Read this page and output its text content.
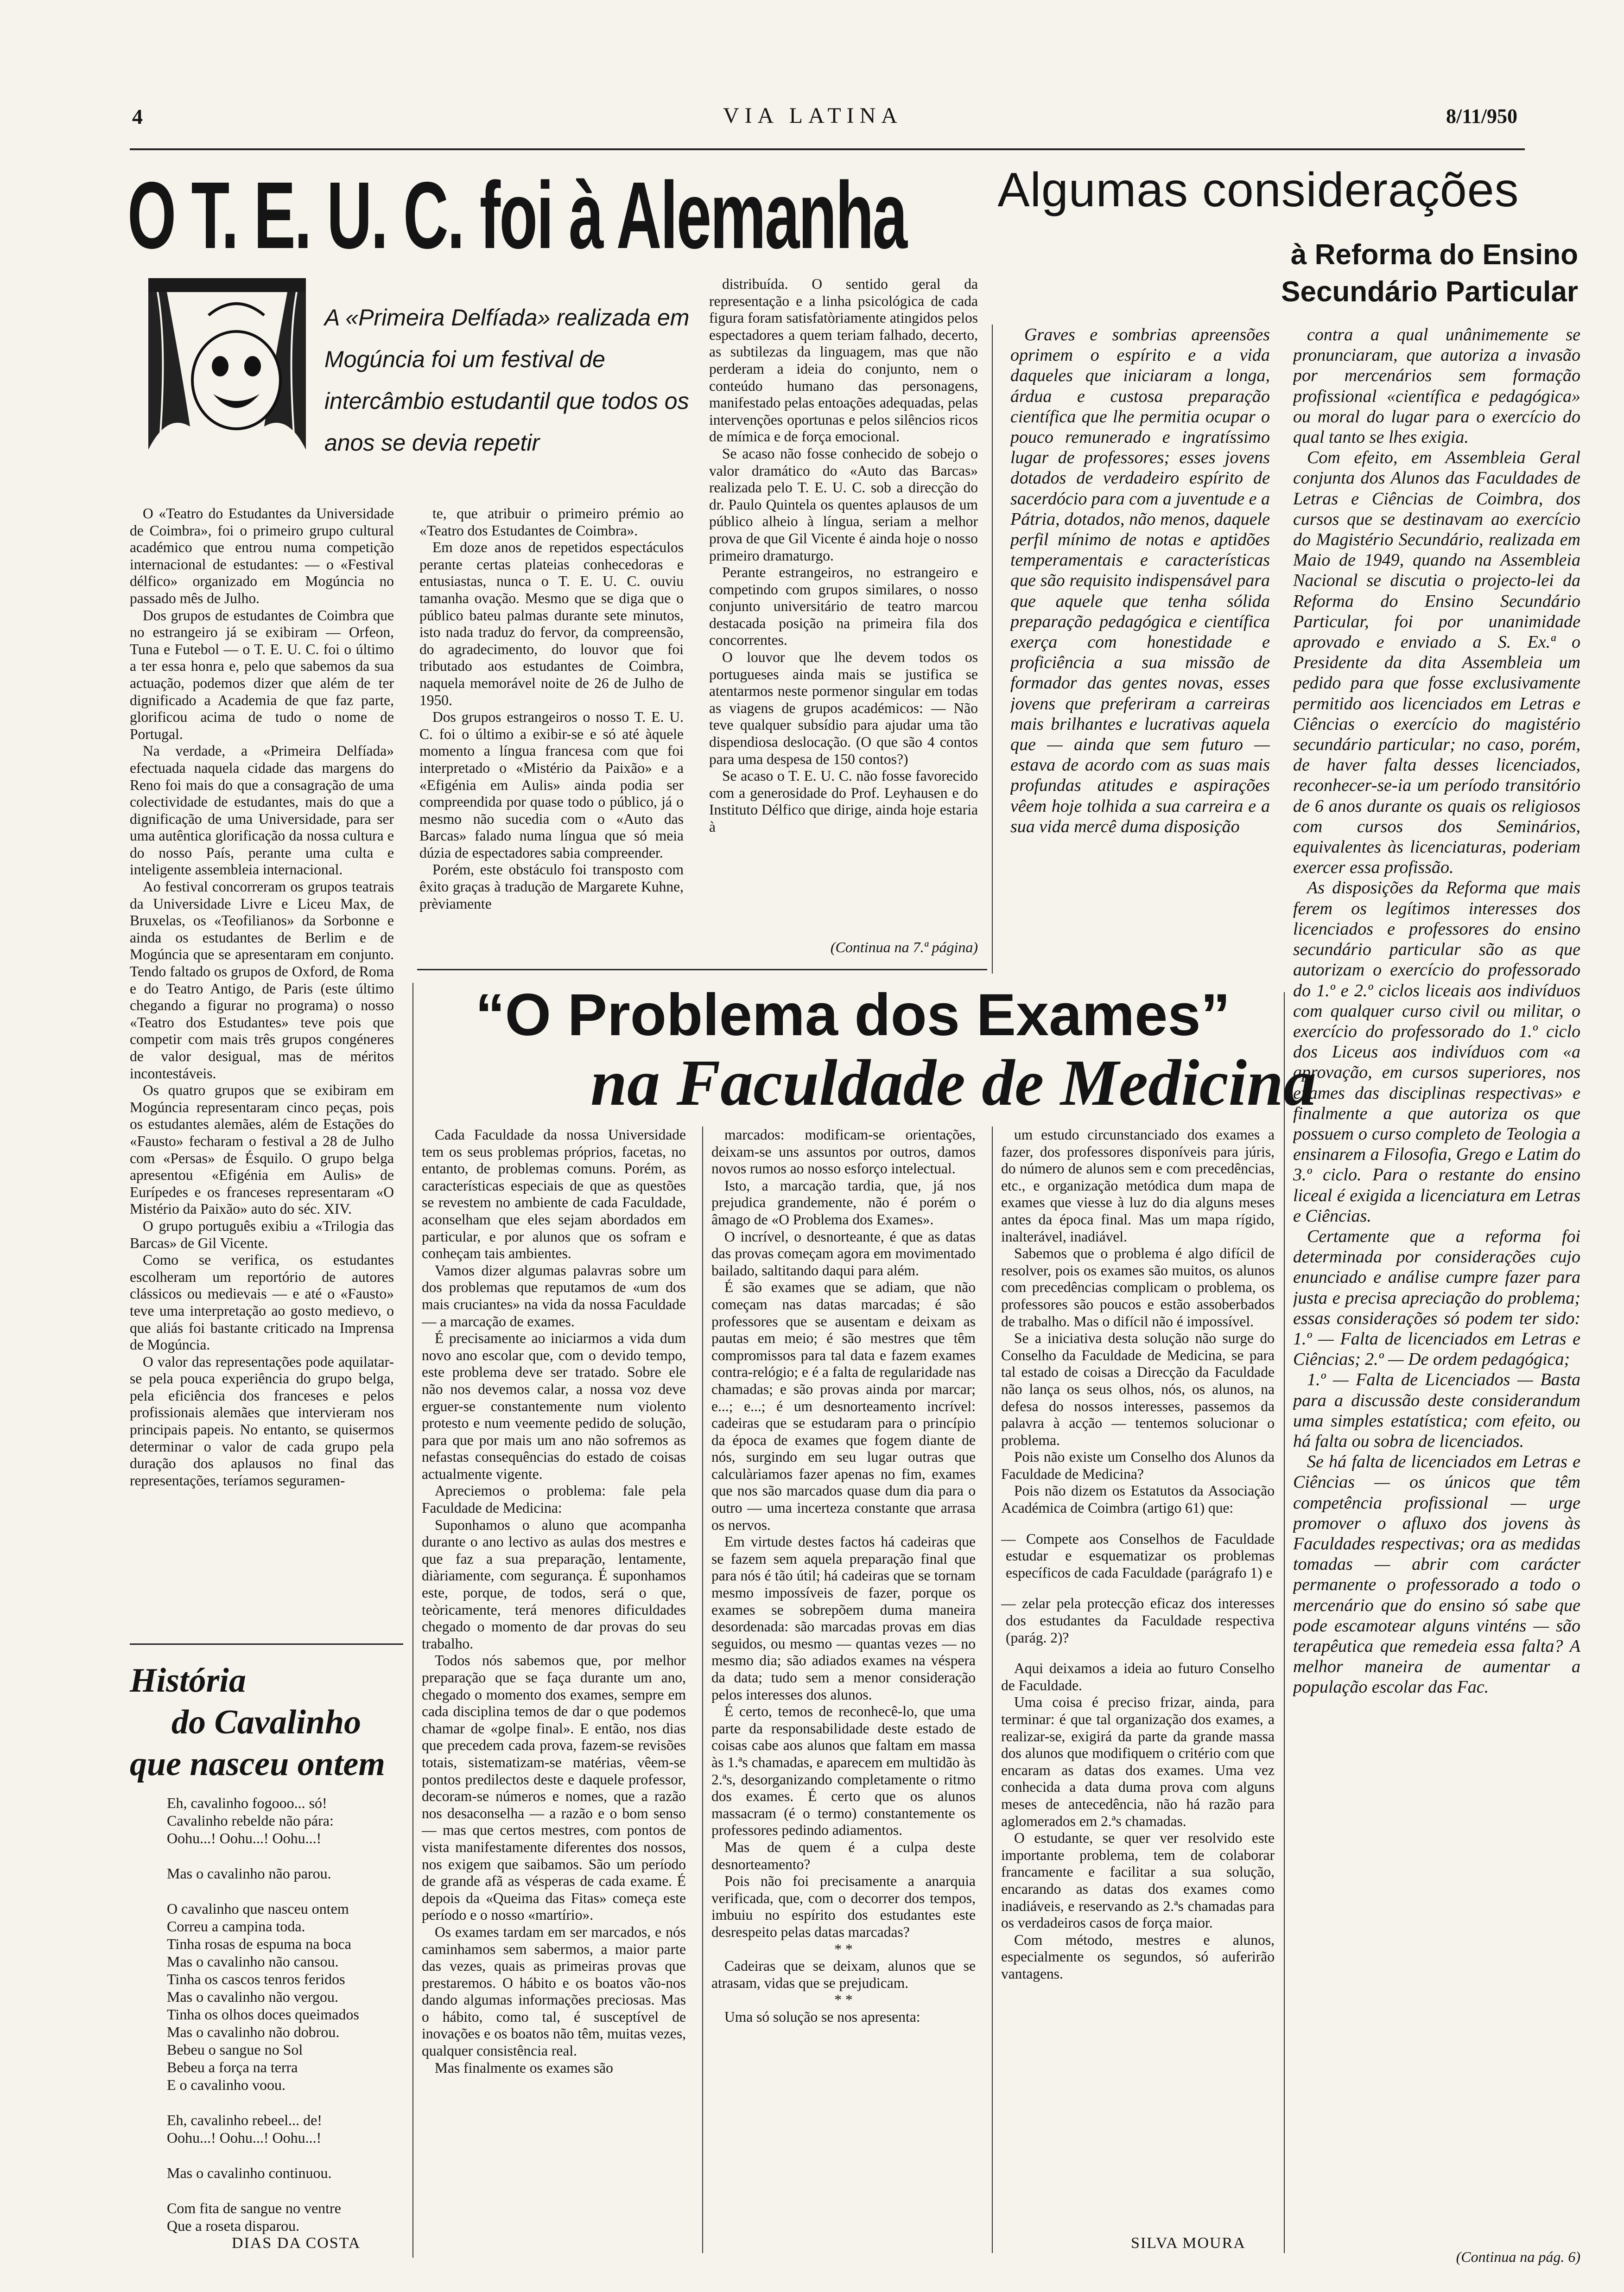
4	VIA LATINA	8/11/950
O T. E. U. C. foi à Alemanha
A «Primeira Delfíada» realizada em Mogúncia foi um festival de intercâmbio estudantil que todos os anos se devia repetir

O «Teatro do Estudantes da Universidade de Coimbra», foi o primeiro grupo cultural académico que entrou numa competição internacional de estudantes: — o «Festival délfico» organizado em Mogúncia no passado mês de Julho.

Dos grupos de estudantes de Coimbra que no estrangeiro já se exibiram — Orfeon, Tuna e Futebol — o T. E. U. C. foi o último a ter essa honra e, pelo que sabemos da sua actuação, podemos dizer que além de ter dignificado a Academia de que faz parte, glorificou acima de tudo o nome de Portugal.

Na verdade, a «Primeira Delfíada» efectuada naquela cidade das margens do Reno foi mais do que a consagração de uma colectividade de estudantes, mais do que a dignificação de uma Universidade, para ser uma autêntica glorificação da nossa cultura e do nosso País, perante uma culta e inteligente assembleia internacional.

Ao festival concorreram os grupos teatrais da Universidade Livre e Liceu Max, de Bruxelas, os «Teofilianos» da Sorbonne e ainda os estudantes de Berlim e de Mogúncia que se apresentaram em conjunto. Tendo faltado os grupos de Oxford, de Roma e do Teatro Antigo, de Paris (este último chegando a figurar no programa) o nosso «Teatro dos Estudantes» teve pois que competir com mais três grupos congéneres de valor desigual, mas de méritos incontestáveis.

Os quatro grupos que se exibiram em Mogúncia representaram cinco peças, pois os estudantes alemães, além de Estações do «Fausto» fecharam o festival a 28 de Julho com «Persas» de Ésquilo. O grupo belga apresentou «Efigénia em Aulis» de Eurípedes e os franceses representaram «O Mistério da Paixão» auto do séc. XIV.

O grupo português exibiu a «Trilogia das Barcas» de Gil Vicente.

Como se verifica, os estudantes escolheram um reportório de autores clássicos ou medievais — e até o «Fausto» teve uma interpretação ao gosto medievo, o que aliás foi bastante criticado na Imprensa de Mogúncia.

O valor das representações pode aquilatar-se pela pouca experiência do grupo belga, pela eficiência dos franceses e pelos profissionais alemães que intervieram nos principais papeis. No entanto, se quisermos determinar o valor de cada grupo pela duração dos aplausos no final das representações, teríamos seguramen-

te, que atribuir o primeiro prémio ao «Teatro dos Estudantes de Coimbra».

Em doze anos de repetidos espectáculos perante certas plateias conhecedoras e entusiastas, nunca o T. E. U. C. ouviu tamanha ovação. Mesmo que se diga que o público bateu palmas durante sete minutos, isto nada traduz do fervor, da compreensão, do agradecimento, do louvor que foi tributado aos estudantes de Coimbra, naquela memorável noite de 26 de Julho de 1950.

Dos grupos estrangeiros o nosso T. E. U. C. foi o último a exibir-se e só até àquele momento a língua francesa com que foi interpretado o «Mistério da Paixão» e a «Efigénia em Aulis» ainda podia ser compreendida por quase todo o público, já o mesmo não sucedia com o «Auto das Barcas» falado numa língua que só meia dúzia de espectadores sabia compreender.

Porém, este obstáculo foi transposto com êxito graças à tradução de Margarete Kuhne, prèviamente

distribuída. O sentido geral da representação e a linha psicológica de cada figura foram satisfatòriamente atingidos pelos espectadores a quem teriam falhado, decerto, as subtilezas da linguagem, mas que não perderam a ideia do conjunto, nem o conteúdo humano das personagens, manifestado pelas entoações adequadas, pelas intervenções oportunas e pelos silêncios ricos de mímica e de força emocional.

Se acaso não fosse conhecido de sobejo o valor dramático do «Auto das Barcas» realizada pelo T. E. U. C. sob a direcção do dr. Paulo Quintela os quentes aplausos de um público alheio à língua, seriam a melhor prova de que Gil Vicente é ainda hoje o nosso primeiro dramaturgo.

Perante estrangeiros, no estrangeiro e competindo com grupos similares, o nosso conjunto universitário de teatro marcou destacada posição na primeira fila dos concorrentes.

O louvor que lhe devem todos os portugueses ainda mais se justifica se atentarmos neste pormenor singular em todas as viagens de grupos académicos: — Não teve qualquer subsídio para ajudar uma tão dispendiosa deslocação. (O que são 4 contos para uma despesa de 150 contos?)

Se acaso o T. E. U. C. não fosse favorecido com a generosidade do Prof. Leyhausen e do Instituto Délfico que dirige, ainda hoje estaria à

(Continua na 7.ª página)
Algumas considerações
à Reforma do Ensino
Secundário Particular

Graves e sombrias apreensões oprimem o espírito e a vida daqueles que iniciaram a longa, árdua e custosa preparação científica que lhe permitia ocupar o pouco remunerado e ingratíssimo lugar de professores; esses jovens dotados de verdadeiro espírito de sacerdócio para com a juventude e a Pátria, dotados, não menos, daquele perfil mínimo de notas e aptidões temperamentais e características que são requisito indispensável para que aquele que tenha sólida preparação pedagógica e científica exerça com honestidade e proficiência a sua missão de formador das gentes novas, esses jovens que preferiram a carreiras mais brilhantes e lucrativas aquela que — ainda que sem futuro — estava de acordo com as suas mais profundas atitudes e aspirações vêem hoje tolhida a sua carreira e a sua vida mercê duma disposição

contra a qual unânimemente se pronunciaram, que autoriza a invasão por mercenários sem formação profissional «científica e pedagógica» ou moral do lugar para o exercício do qual tanto se lhes exigia.

Com efeito, em Assembleia Geral conjunta dos Alunos das Faculdades de Letras e Ciências de Coimbra, dos cursos que se destinavam ao exercício do Magistério Secundário, realizada em Maio de 1949, quando na Assembleia Nacional se discutia o projecto-lei da Reforma do Ensino Secundário Particular, foi por unanimidade aprovado e enviado a S. Ex.ª o Presidente da dita Assembleia um pedido para que fosse exclusivamente permitido aos licenciados em Letras e Ciências o exercício do magistério secundário particular; no caso, porém, de haver falta desses licenciados, reconhecer-se-ia um período transitório de 6 anos durante os quais os religiosos com cursos dos Seminários, equivalentes às licenciaturas, poderiam exercer essa profissão.

As disposições da Reforma que mais ferem os legítimos interesses dos licenciados e professores do ensino secundário particular são as que autorizam o exercício do professorado do 1.º e 2.º ciclos liceais aos indivíduos com qualquer curso civil ou militar, o exercício do professorado do 1.º ciclo dos Liceus aos indivíduos com «a aprovação, em cursos superiores, nos exames das disciplinas respectivas» e finalmente a que autoriza os que possuem o curso completo de Teologia a ensinarem a Filosofia, Grego e Latim do 3.º ciclo. Para o restante do ensino liceal é exigida a licenciatura em Letras e Ciências.

Certamente que a reforma foi determinada por considerações cujo enunciado e análise cumpre fazer para justa e precisa apreciação do problema; essas considerações só podem ter sido: 1.º — Falta de licenciados em Letras e Ciências; 2.º — De ordem pedagógica;

1.º — Falta de Licenciados — Basta para a discussão deste considerandum uma simples estatística; com efeito, ou há falta ou sobra de licenciados.

Se há falta de licenciados em Letras e Ciências — os únicos que têm competência profissional — urge promover o afluxo dos jovens às Faculdades respectivas; ora as medidas tomadas — abrir com carácter permanente o professorado a todo o mercenário que do ensino só sabe que pode escamotear alguns vinténs — são terapêutica que remedeia essa falta? A melhor maneira de aumentar a população escolar das Fac.

(Continua na pág. 6)
“O Problema dos Exames”
na Faculdade de Medicina

Cada Faculdade da nossa Universidade tem os seus problemas próprios, facetas, no entanto, de problemas comuns. Porém, as características especiais de que as questões se revestem no ambiente de cada Faculdade, aconselham que eles sejam abordados em particular, e por alunos que os sofram e conheçam tais ambientes.

Vamos dizer algumas palavras sobre um dos problemas que reputamos de «um dos mais cruciantes» na vida da nossa Faculdade — a marcação de exames.

É precisamente ao iniciarmos a vida dum novo ano escolar que, com o devido tempo, este problema deve ser tratado. Sobre ele não nos devemos calar, a nossa voz deve erguer-se constantemente num violento protesto e num veemente pedido de solução, para que por mais um ano não sofremos as nefastas consequências do estado de coisas actualmente vigente.

Apreciemos o problema: fale pela Faculdade de Medicina:

Suponhamos o aluno que acompanha durante o ano lectivo as aulas dos mestres e que faz a sua preparação, lentamente, diàriamente, com segurança. É suponhamos este, porque, de todos, será o que, teòricamente, terá menores dificuldades chegado o momento de dar provas do seu trabalho.

Todos nós sabemos que, por melhor preparação que se faça durante um ano, chegado o momento dos exames, sempre em cada disciplina temos de dar o que podemos chamar de «golpe final». E então, nos dias que precedem cada prova, fazem-se revisões totais, sistematizam-se matérias, vêem-se pontos predilectos deste e daquele professor, decoram-se números e nomes, que a razão nos desaconselha — a razão e o bom senso — mas que certos mestres, com pontos de vista manifestamente diferentes dos nossos, nos exigem que saibamos. São um período de grande afã as vésperas de cada exame. É depois da «Queima das Fitas» começa este período e o nosso «martírio».

Os exames tardam em ser marcados, e nós caminhamos sem sabermos, a maior parte das vezes, quais as primeiras provas que prestaremos. O hábito e os boatos vão-nos dando algumas informações preciosas. Mas o hábito, como tal, é susceptível de inovações e os boatos não têm, muitas vezes, qualquer consistência real.

Mas finalmente os exames são

marcados: modificam-se orientações, deixam-se uns assuntos por outros, damos novos rumos ao nosso esforço intelectual.

Isto, a marcação tardia, que, já nos prejudica grandemente, não é porém o âmago de «O Problema dos Exames».

O incrível, o desnorteante, é que as datas das provas começam agora em movimentado bailado, saltitando daqui para além.

É são exames que se adiam, que não começam nas datas marcadas; é são professores que se ausentam e deixam as pautas em meio; é são mestres que têm compromissos para tal data e fazem exames contra-relógio; e é a falta de regularidade nas chamadas; e são provas ainda por marcar; e...; e...; é um desnorteamento incrível: cadeiras que se estudaram para o princípio da época de exames que fogem diante de nós, surgindo em seu lugar outras que calculàriamos fazer apenas no fim, exames que nos são marcados quase dum dia para o outro — uma incerteza constante que arrasa os nervos.

Em virtude destes factos há cadeiras que se fazem sem aquela preparação final que para nós é tão útil; há cadeiras que se tornam mesmo impossíveis de fazer, porque os exames se sobrepõem duma maneira desordenada: são marcadas provas em dias seguidos, ou mesmo — quantas vezes — no mesmo dia; são adiados exames na véspera da data; tudo sem a menor consideração pelos interesses dos alunos.

É certo, temos de reconhecê-lo, que uma parte da responsabilidade deste estado de coisas cabe aos alunos que faltam em massa às 1.ªs chamadas, e aparecem em multidão às 2.ªs, desorganizando completamente o ritmo dos exames. É certo que os alunos massacram (é o termo) constantemente os professores pedindo adiamentos.

Mas de quem é a culpa deste desnorteamento?

Pois não foi precisamente a anarquia verificada, que, com o decorrer dos tempos, imbuiu no espírito dos estudantes este desrespeito pelas datas marcadas?

* *

Cadeiras que se deixam, alunos que se atrasam, vidas que se prejudicam.

* *

Uma só solução se nos apresenta:

um estudo circunstanciado dos exames a fazer, dos professores disponíveis para júris, do número de alunos sem e com precedências, etc., e organização metódica dum mapa de exames que viesse à luz do dia alguns meses antes da época final. Mas um mapa rígido, inalterável, inadiável.

Sabemos que o problema é algo difícil de resolver, pois os exames são muitos, os alunos com precedências complicam o problema, os professores são poucos e estão assoberbados de trabalho. Mas o difícil não é impossível.

Se a iniciativa desta solução não surge do Conselho da Faculdade de Medicina, se para tal estado de coisas a Direcção da Faculdade não lança os seus olhos, nós, os alunos, na defesa do nossos interesses, passemos da palavra à acção — tentemos solucionar o problema.

Pois não existe um Conselho dos Alunos da Faculdade de Medicina?

Pois não dizem os Estatutos da Associação Académica de Coimbra (artigo 61) que:

— Compete aos Conselhos de Faculdade estudar e esquematizar os problemas específicos de cada Faculdade (parágrafo 1) e

— zelar pela protecção eficaz dos interesses dos estudantes da Faculdade respectiva (parág. 2)?

Aqui deixamos a ideia ao futuro Conselho de Faculdade.

Uma coisa é preciso frizar, ainda, para terminar: é que tal organização dos exames, a realizar-se, exigirá da parte da grande massa dos alunos que modifiquem o critério com que encaram as datas dos exames. Uma vez conhecida a data duma prova com alguns meses de antecedência, não há razão para aglomerados em 2.ªs chamadas.

O estudante, se quer ver resolvido este importante problema, tem de colaborar francamente e facilitar a sua solução, encarando as datas dos exames como inadiáveis, e reservando as 2.ªs chamadas para os verdadeiros casos de força maior.

Com método, mestres e alunos, especialmente os segundos, só auferirão vantagens.

SILVA MOURA
História
do Cavalinho
que nasceu ontem
Eh, cavalinho fogooo... só!
Cavalinho rebelde não pára:
Oohu...! Oohu...! Oohu...!
Mas o cavalinho não parou.
O cavalinho que nasceu ontem
Correu a campina toda.
Tinha rosas de espuma na boca
Mas o cavalinho não cansou.
Tinha os cascos tenros feridos
Mas o cavalinho não vergou.
Tinha os olhos doces queimados
Mas o cavalinho não dobrou.
Bebeu o sangue no Sol
Bebeu a força na terra
E o cavalinho voou.
Eh, cavalinho rebeel... de!
Oohu...! Oohu...! Oohu...!
Mas o cavalinho continuou.
Com fita de sangue no ventre
Que a roseta disparou.
DIAS DA COSTA
